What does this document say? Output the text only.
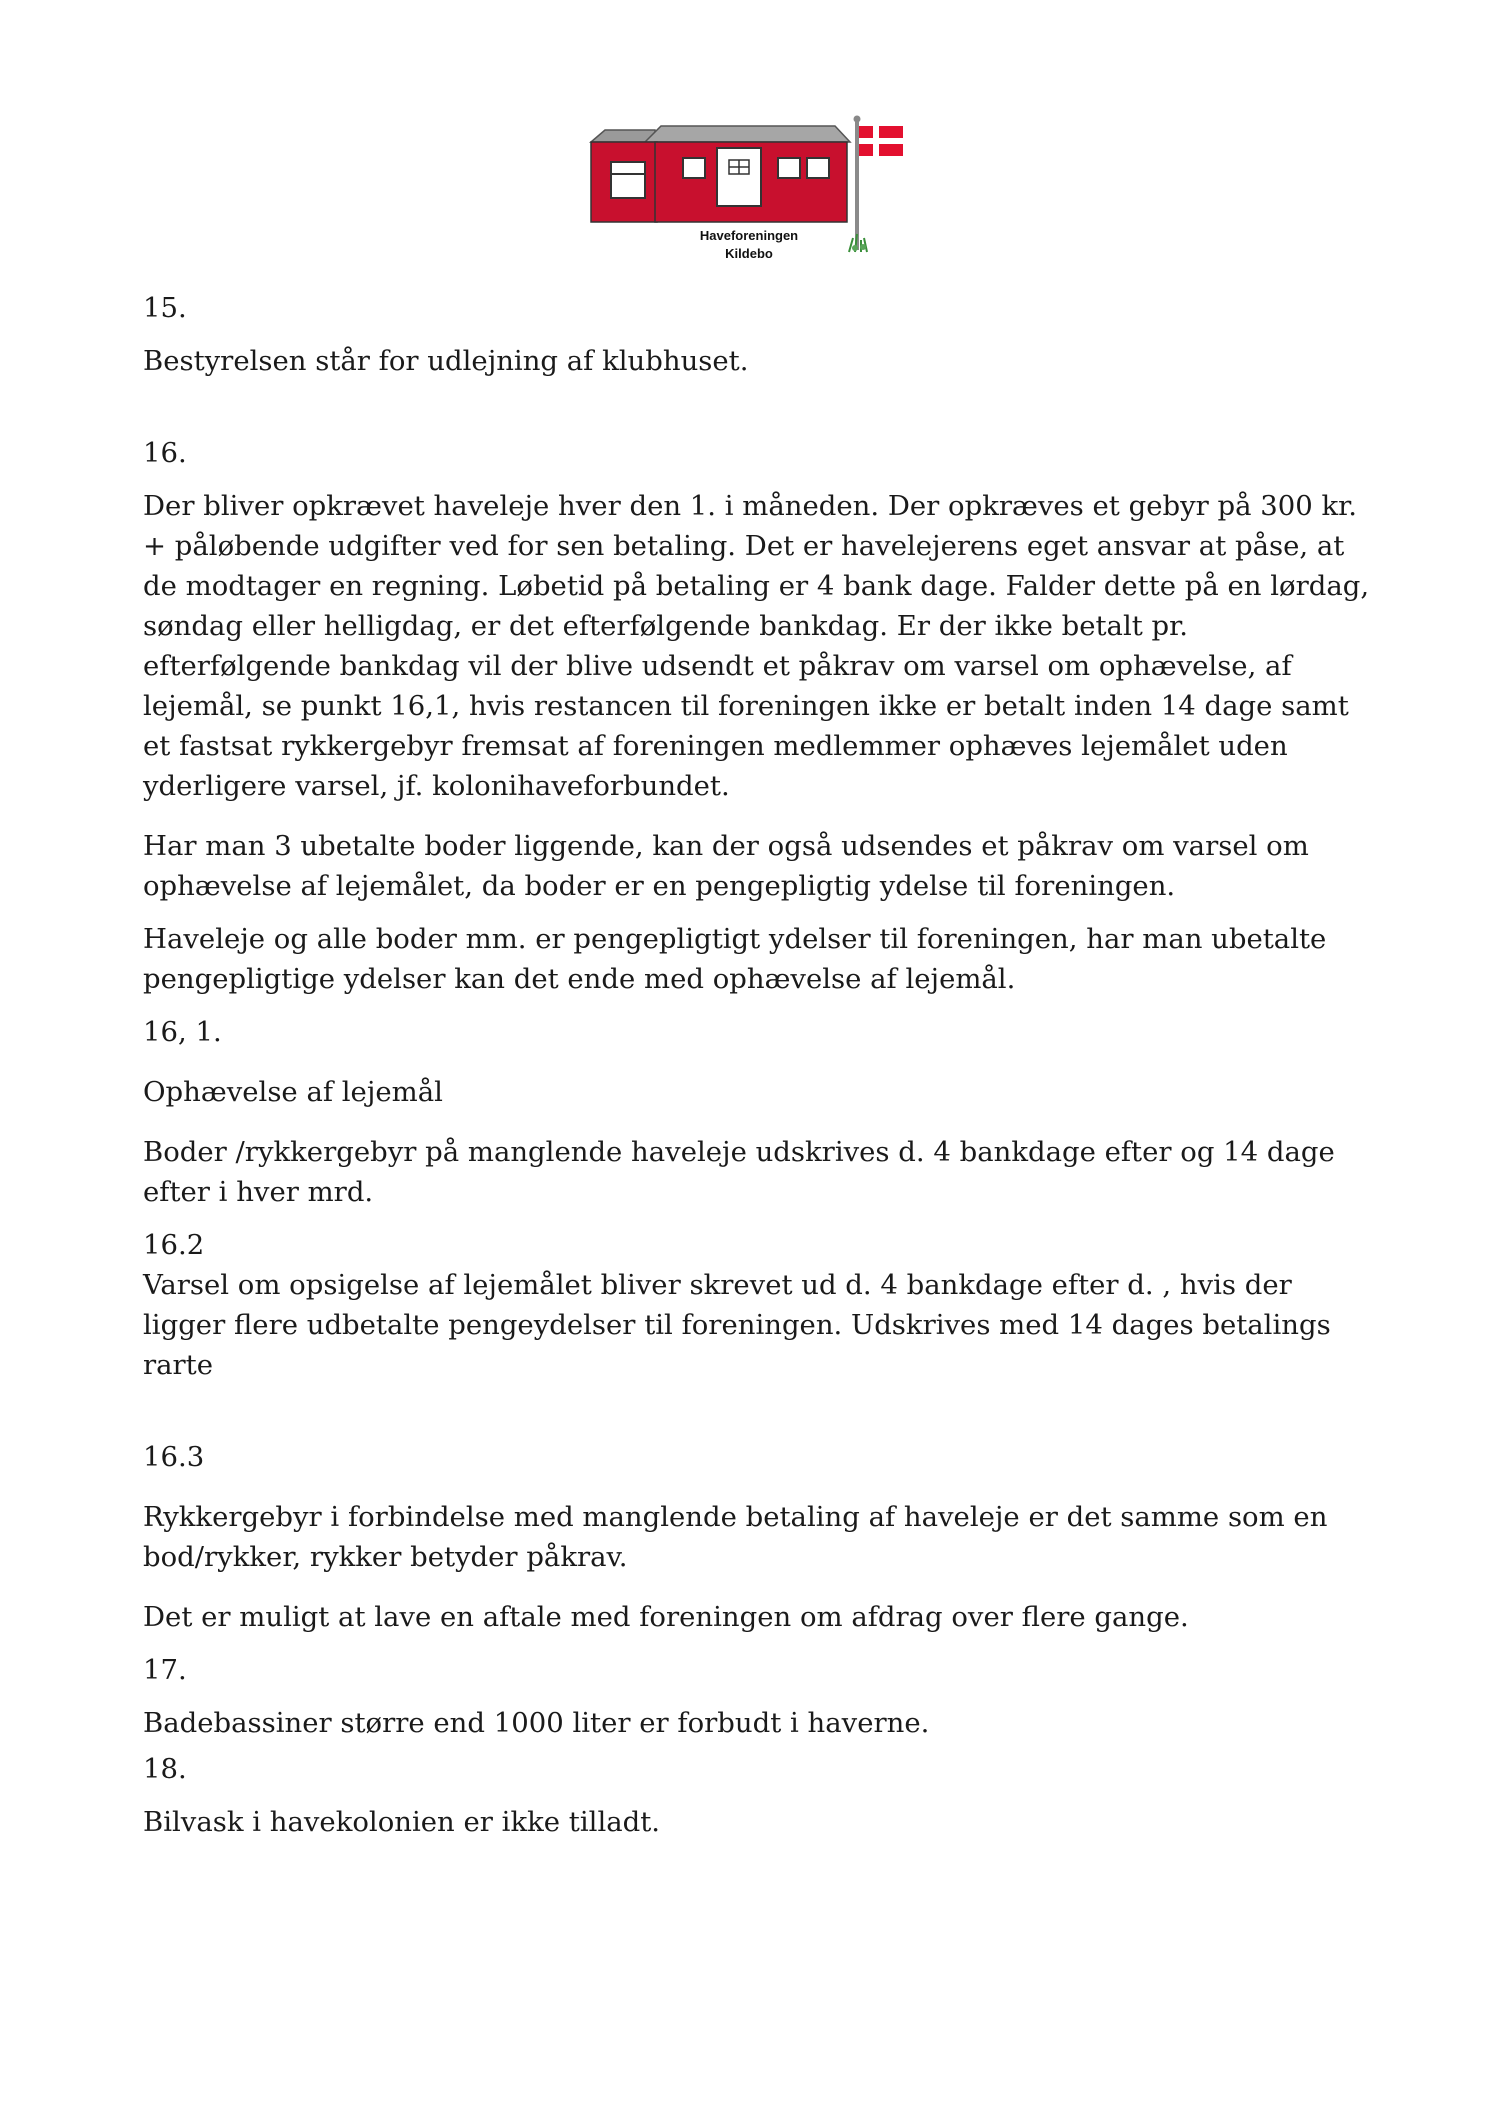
Haveforeningen
Kildebo

15.

Bestyrelsen står for udlejning af klubhuset.

16.

Der bliver opkrævet haveleje hver den 1. i måneden. Der opkræves et gebyr på 300 kr. + påløbende udgifter ved for sen betaling. Det er havelejerens eget ansvar at påse, at de modtager en regning. Løbetid på betaling er 4 bank dage. Falder dette på en lørdag, søndag eller helligdag, er det efterfølgende bankdag. Er der ikke betalt pr. efterfølgende bankdag vil der blive udsendt et påkrav om varsel om ophævelse, af lejemål, se punkt 16,1, hvis restancen til foreningen ikke er betalt inden 14 dage samt et fastsat rykkergebyr fremsat af foreningen medlemmer ophæves lejemålet uden yderligere varsel, jf. kolonihaveforbundet.

Har man 3 ubetalte boder liggende, kan der også udsendes et påkrav om varsel om ophævelse af lejemålet, da boder er en pengepligtig ydelse til foreningen.

Haveleje og alle boder mm. er pengepligtigt ydelser til foreningen, har man ubetalte pengepligtige ydelser kan det ende med ophævelse af lejemål.

16, 1.

Ophævelse af lejemål

Boder /rykkergebyr på manglende haveleje udskrives d. 4 bankdage efter og 14 dage efter i hver mrd.

16.2

Varsel om opsigelse af lejemålet bliver skrevet ud d. 4 bankdage efter d. , hvis der ligger flere udbetalte pengeydelser til foreningen. Udskrives med 14 dages betalings rarte

16.3

Rykkergebyr i forbindelse med manglende betaling af haveleje er det samme som en bod/rykker, rykker betyder påkrav.

Det er muligt at lave en aftale med foreningen om afdrag over flere gange.

17.

Badebassiner større end 1000 liter er forbudt i haverne.

18.

Bilvask i havekolonien er ikke tilladt.
